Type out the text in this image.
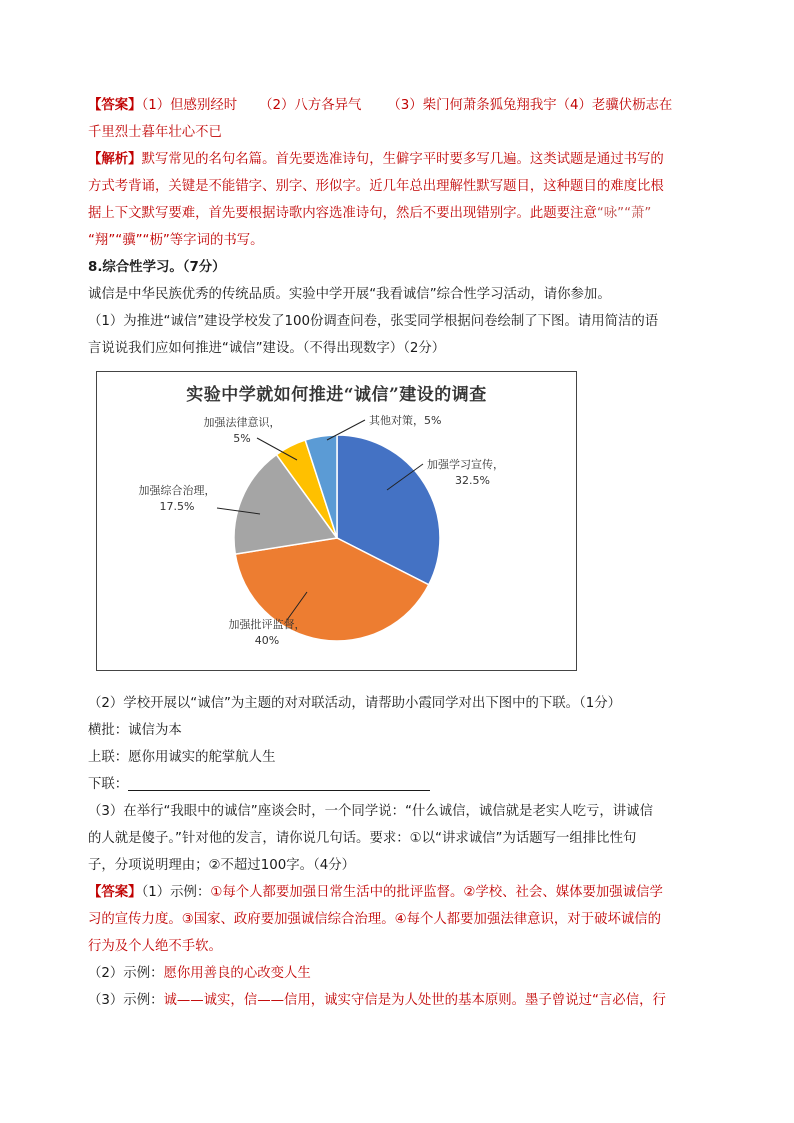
【答案】（1）但感别经时 （2）八方各异气 （3）柴门何萧条狐兔翔我宇（4）老骥伏枥志在
千里烈士暮年壮心不已
【解析】默写常见的名句名篇。首先要选准诗句，生僻字平时要多写几遍。这类试题是通过书写的
方式考背诵，关键是不能错字、别字、形似字。近几年总出理解性默写题目，这种题目的难度比根
据上下文默写要难，首先要根据诗歌内容选准诗句，然后不要出现错别字。此题要注意“咏”“萧”
“翔”“骥”“枥”等字词的书写。
8.综合性学习。（7分）
诚信是中华民族优秀的传统品质。实验中学开展“我看诚信”综合性学习活动，请你参加。
（1）为推进“诚信”建设学校发了100份调查问卷，张雯同学根据问卷绘制了下图。请用简洁的语
言说说我们应如何推进“诚信”建设。（不得出现数字）（2分）
（2）学校开展以“诚信”为主题的对对联活动，请帮助小霞同学对出下图中的下联。（1分）
横批：诚信为本
上联：愿你用诚实的舵掌航人生
下联：
（3）在举行“我眼中的诚信”座谈会时，一个同学说：“什么诚信，诚信就是老实人吃亏，讲诚信
的人就是傻子。”针对他的发言，请你说几句话。要求：①以“讲求诚信”为话题写一组排比性句
子，分项说明理由；②不超过100字。（4分）
【答案】（1）示例：①每个人都要加强日常生活中的批评监督。②学校、社会、媒体要加强诚信学
习的宣传力度。③国家、政府要加强诚信综合治理。④每个人都要加强法律意识，对于破坏诚信的
行为及个人绝不手软。
（2）示例：愿你用善良的心改变人生
（3）示例：诚——诚实，信——信用，诚实守信是为人处世的基本原则。墨子曾说过“言必信，行
实验中学就如何推进“诚信”建设的调查
加强学习宣传，
32.5%
加强批评监督，
40%
加强综合治理，
17.5%
加强法律意识，
5%
其他对策，5%
